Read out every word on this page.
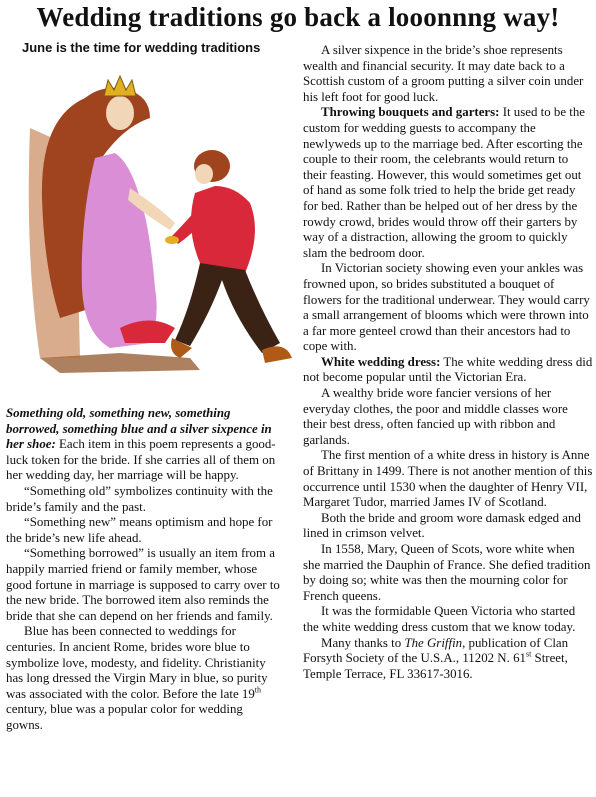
Wedding traditions go back a looonnng way!
June is the time for wedding traditions

Something old, something new, something borrowed, something blue and a silver sixpence in her shoe: Each item in this poem represents a good-luck token for the bride. If she carries all of them on her wedding day, her marriage will be happy.

“Something old” symbolizes continuity with the bride’s family and the past.

“Something new” means optimism and hope for the bride’s new life ahead.

“Something borrowed” is usually an item from a happily married friend or family member, whose good fortune in marriage is supposed to carry over to the new bride. The borrowed item also reminds the bride that she can depend on her friends and family.

Blue has been connected to weddings for centuries. In ancient Rome, brides wore blue to symbolize love, modesty, and fidelity. Christianity has long dressed the Virgin Mary in blue, so purity was associated with the color. Before the late 19th century, blue was a popular color for wedding gowns.

A silver sixpence in the bride’s shoe represents wealth and financial security. It may date back to a Scottish custom of a groom putting a silver coin under his left foot for good luck.

Throwing bouquets and garters: It used to be the custom for wedding guests to accompany the newlyweds up to the marriage bed. After escorting the couple to their room, the celebrants would return to their feasting. However, this would sometimes get out of hand as some folk tried to help the bride get ready for bed. Rather than be helped out of her dress by the rowdy crowd, brides would throw off their garters by way of a distraction, allowing the groom to quickly slam the bedroom door.

In Victorian society showing even your ankles was frowned upon, so brides substituted a bouquet of flowers for the traditional underwear. They would carry a small arrangement of blooms which were thrown into a far more genteel crowd than their ancestors had to cope with.

White wedding dress: The white wedding dress did not become popular until the Victorian Era.

A wealthy bride wore fancier versions of her everyday clothes, the poor and middle classes wore their best dress, often fancied up with ribbon and garlands.

The first mention of a white dress in history is Anne of Brittany in 1499. There is not another mention of this occurrence until 1530 when the daughter of Henry VII, Margaret Tudor, married James IV of Scotland.

Both the bride and groom wore damask edged and lined in crimson velvet.

In 1558, Mary, Queen of Scots, wore white when she married the Dauphin of France. She defied tradition by doing so; white was then the mourning color for French queens.

It was the formidable Queen Victoria who started the white wedding dress custom that we know today.

Many thanks to The Griffin, publication of Clan Forsyth Society of the U.S.A., 11202 N. 61st Street, Temple Terrace, FL 33617-3016.
